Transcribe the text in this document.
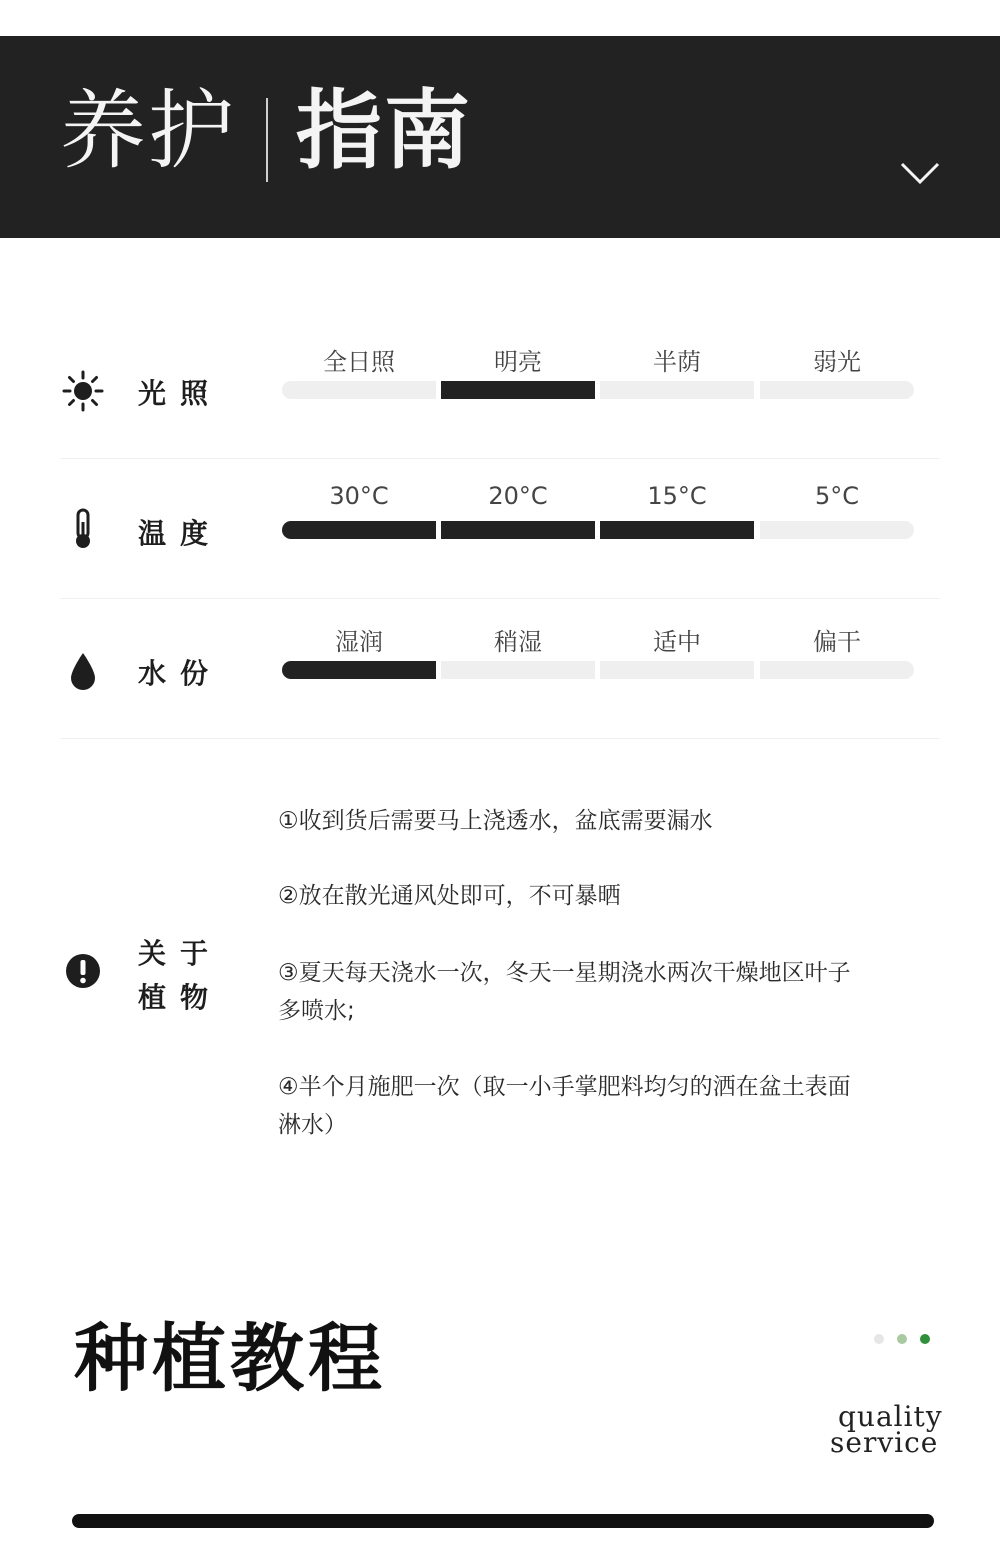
养护 指南
光照
全日照	明亮	半荫	弱光
温度
30°C	20°C	15°C	5°C
水份
湿润	稍湿	适中	偏干
关于
植物
①收到货后需要马上浇透水，盆底需要漏水
②放在散光通风处即可，不可暴晒
③夏天每天浇水一次，冬天一星期浇水两次干燥地区叶子多喷水;
④半个月施肥一次（取一小手掌肥料均匀的洒在盆土表面淋水）
种植教程

quality
service
